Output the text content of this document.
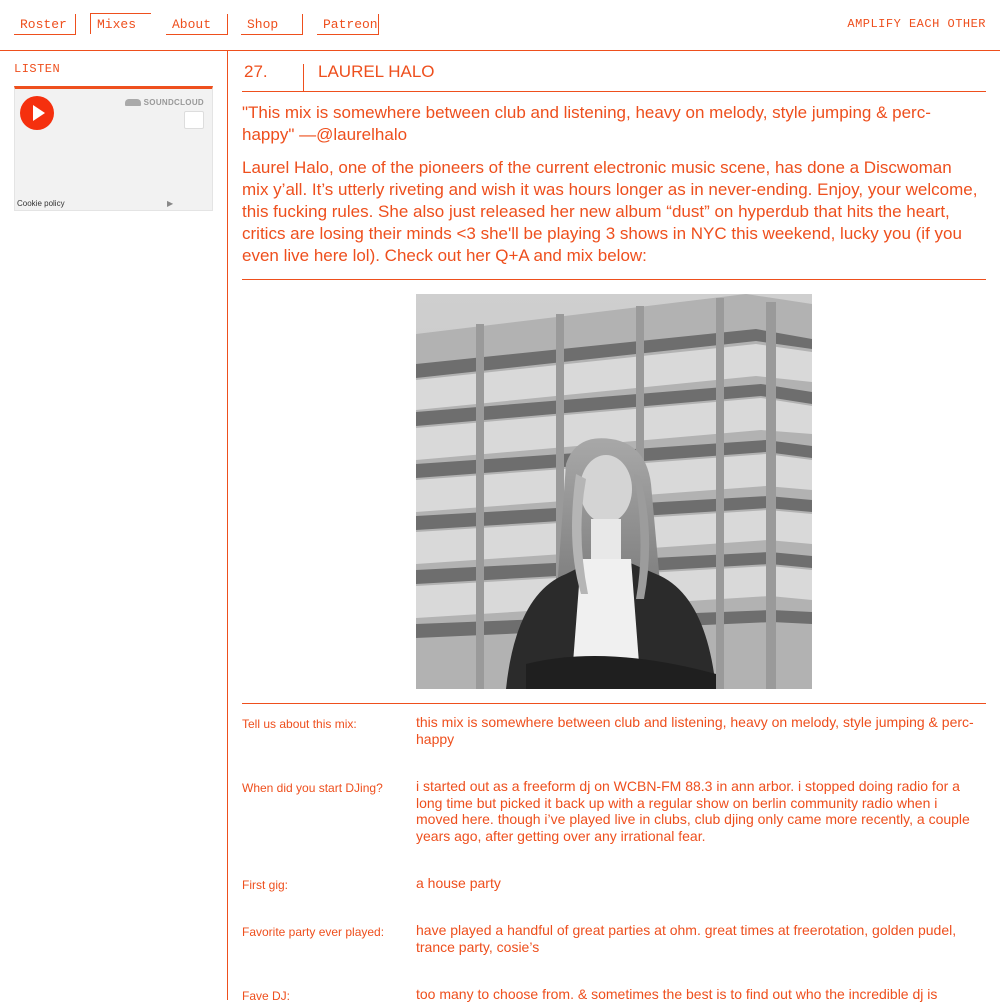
Roster	Mixes	About	Shop	Patreon	AMPLIFY EACH OTHER
LISTEN
SOUNDCLOUD
Cookie policy	▶
27.	LAUREL HALO
"This mix is somewhere between club and listening, heavy on melody, style jumping & perc-happy" —@laurelhalo
Laurel Halo, one of the pioneers of the current electronic music scene, has done a Discwoman mix y’all. It’s utterly riveting and wish it was hours longer as in never-ending. Enjoy, your welcome, this fucking rules. She also just released her new album “dust” on hyperdub that hits the heart, critics are losing their minds <3 she'll be playing 3 shows in NYC this weekend, lucky you (if you even live here lol). Check out her Q+A and mix below:
Tell us about this mix:	this mix is somewhere between club and listening, heavy on melody, style jumping & perc-happy
When did you start DJing?	i started out as a freeform dj on WCBN-FM 88.3 in ann arbor. i stopped doing radio for a long time but picked it back up with a regular show on berlin community radio when i moved here. though i’ve played live in clubs, club djing only came more recently, a couple years ago, after getting over any irrational fear.
First gig:	a house party
Favorite party ever played:	have played a handful of great parties at ohm. great times at freerotation, golden pudel, trance party, cosie’s
Fave DJ:	too many to choose from. & sometimes the best is to find out who the incredible dj is
